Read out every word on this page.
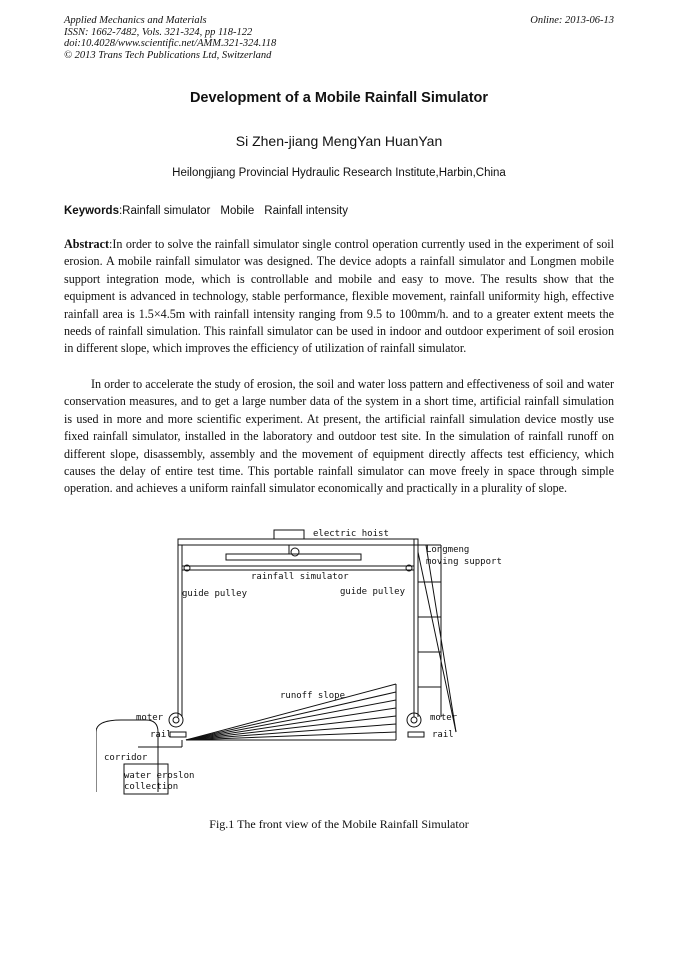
Applied Mechanics and Materials
ISSN: 1662-7482, Vols. 321-324, pp 118-122
doi:10.4028/www.scientific.net/AMM.321-324.118
© 2013 Trans Tech Publications Ltd, Switzerland
Online: 2013-06-13
Development of a Mobile Rainfall Simulator
Si Zhen-jiang MengYan HuanYan
Heilongjiang Provincial Hydraulic Research Institute,Harbin,China
Keywords:Rainfall simulator Mobile Rainfall intensity
Abstract:In order to solve the rainfall simulator single control operation currently used in the experiment of soil erosion. A mobile rainfall simulator was designed. The device adopts a rainfall simulator and Longmen mobile support integration mode, which is controllable and mobile and easy to move. The results show that the equipment is advanced in technology, stable performance, flexible movement, rainfall uniformity high, effective rainfall area is 1.5×4.5m with rainfall intensity ranging from 9.5 to 100mm/h. and to a greater extent meets the needs of rainfall simulation. This rainfall simulator can be used in indoor and outdoor experiment of soil erosion in different slope, which improves the efficiency of utilization of rainfall simulator.
In order to accelerate the study of erosion, the soil and water loss pattern and effectiveness of soil and water conservation measures, and to get a large number data of the system in a short time, artificial rainfall simulation is used in more and more scientific experiment. At present, the artificial rainfall simulation device mostly use fixed rainfall simulator, installed in the laboratory and outdoor test site. In the simulation of rainfall runoff on different slope, disassembly, assembly and the movement of equipment directly affects test efficiency, which causes the delay of entire test time. This portable rainfall simulator can move freely in space through simple operation. and achieves a uniform rainfall simulator economically and practically in a plurality of slope.
electric hoist
Longmeng
moving support
rainfall simulator
guide pulley	guide pulley
runoff slope
moter	moter
rail	rail
corridor
water eroslon
collection
Fig.1 The front view of the Mobile Rainfall Simulator
